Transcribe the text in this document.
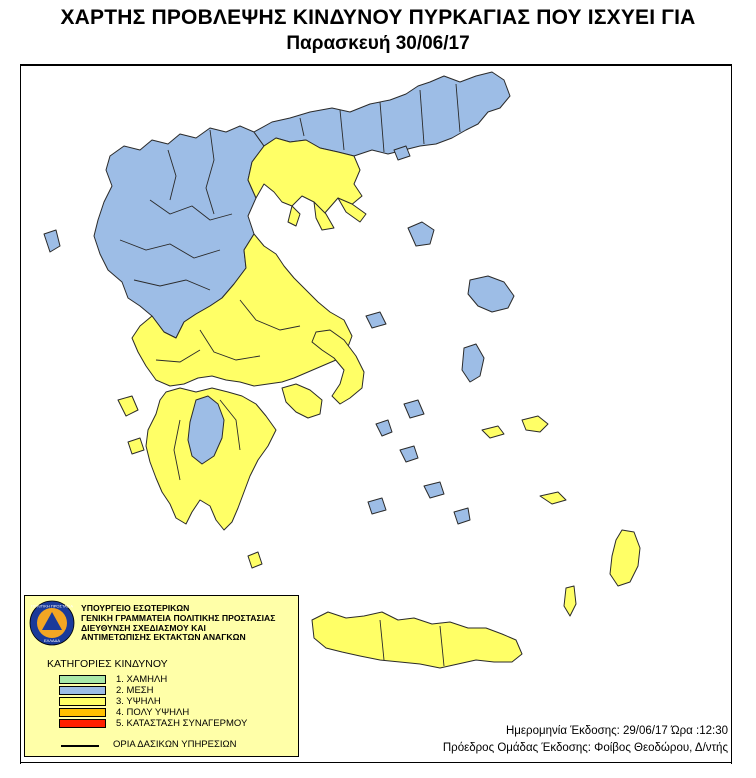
ΧΑΡΤΗΣ ΠΡΟΒΛΕΨΗΣ ΚΙΝΔΥΝΟΥ ΠΥΡΚΑΓΙΑΣ ΠΟΥ ΙΣΧΥΕΙ ΓΙΑ
Παρασκευή 30/06/17
ΠΟΛΙΤΙΚΗ ΠΡΟΣΤΑΣΙΑ
ΕΛΛΑΔΑ
ΥΠΟΥΡΓΕΙΟ ΕΣΩΤΕΡΙΚΩΝ
ΓΕΝΙΚΗ ΓΡΑΜΜΑΤΕΙΑ ΠΟΛΙΤΙΚΗΣ ΠΡΟΣΤΑΣΙΑΣ
ΔΙΕΥΘΥΝΣΗ ΣΧΕΔΙΑΣΜΟΥ ΚΑΙ
ΑΝΤΙΜΕΤΩΠΙΣΗΣ ΕΚΤΑΚΤΩΝ ΑΝΑΓΚΩΝ
ΚΑΤΗΓΟΡΙΕΣ ΚΙΝΔΥΝΟΥ
1. ΧΑΜΗΛΗ
2. ΜΕΣΗ
3. ΥΨΗΛΗ
4. ΠΟΛΥ ΥΨΗΛΗ
5. ΚΑΤΑΣΤΑΣΗ ΣΥΝΑΓΕΡΜΟΥ
ΟΡΙΑ ΔΑΣΙΚΩΝ ΥΠΗΡΕΣΙΩΝ
Ημερομηνία Έκδοσης: 29/06/17 Ώρα :12:30
Πρόεδρος Ομάδας Έκδοσης: Φοίβος Θεοδώρου, Δ/ντής
